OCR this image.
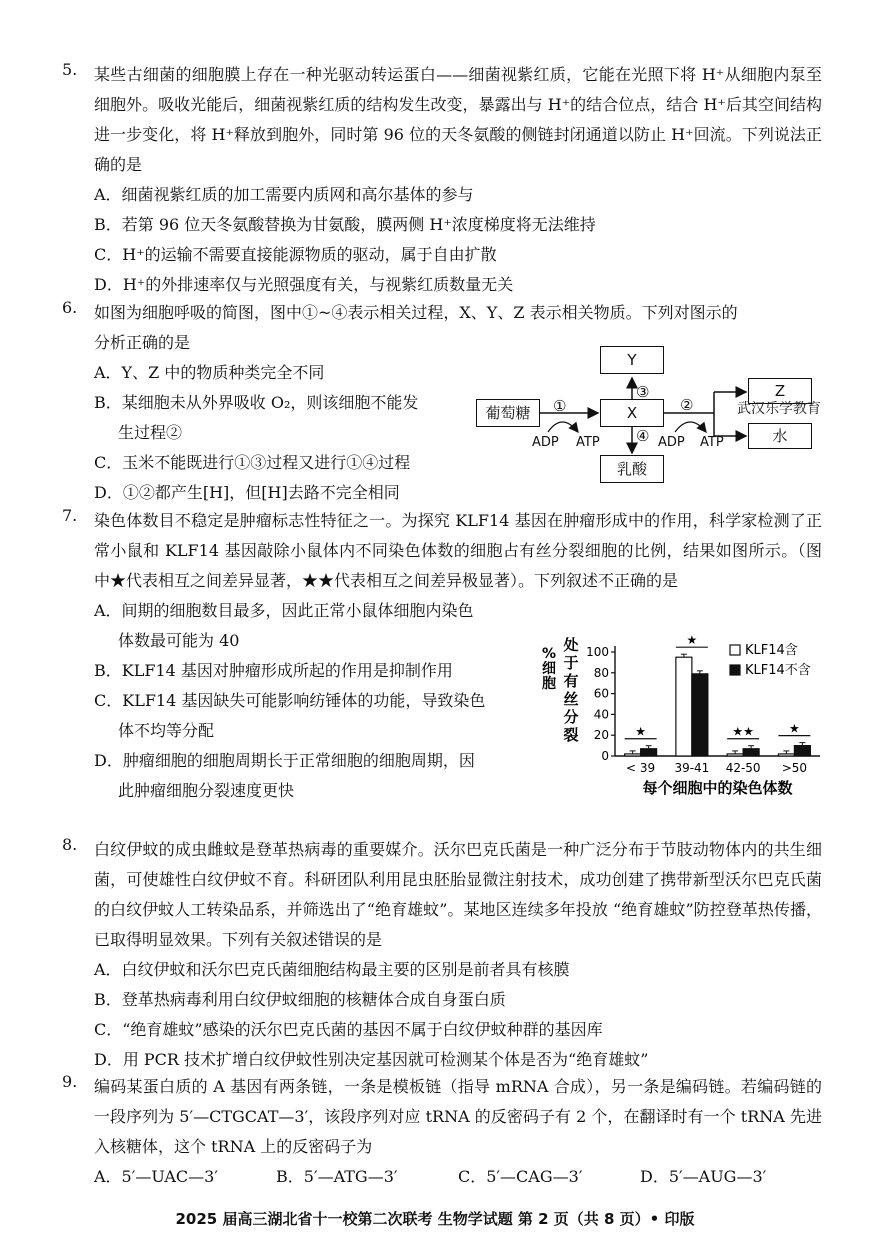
5.	某些古细菌的细胞膜上存在一种光驱动转运蛋白——细菌视紫红质，它能在光照下将 H⁺从细胞内泵至细胞外。吸收光能后，细菌视紫红质的结构发生改变，暴露出与 H⁺的结合位点，结合 H⁺后其空间结构进一步变化，将 H⁺释放到胞外，同时第 96 位的天冬氨酸的侧链封闭通道以防止 H⁺回流。下列说法正确的是
A．细菌视紫红质的加工需要内质网和高尔基体的参与
B．若第 96 位天冬氨酸替换为甘氨酸，膜两侧 H⁺浓度梯度将无法维持
C．H⁺的运输不需要直接能源物质的驱动，属于自由扩散
D．H⁺的外排速率仅与光照强度有关，与视紫红质数量无关
6.	如图为细胞呼吸的简图，图中①~④表示相关过程，X、Y、Z 表示相关物质。下列对图示的
分析正确的是
A．Y、Z 中的物质种类完全不同
B．某细胞未从外界吸收 O₂，则该细胞不能发
生过程②
C．玉米不能既进行①③过程又进行①④过程
D．①②都产生[H]，但[H]去路不完全相同
Y
葡萄糖	X
Z
水
乳酸
①
③
④
②
ADP ATP	ADP ATP
武汉乐学教育
7.	染色体数目不稳定是肿瘤标志性特征之一。为探究 KLF14 基因在肿瘤形成中的作用，科学家检测了正常小鼠和 KLF14 基因敲除小鼠体内不同染色体数的细胞占有丝分裂细胞的比例，结果如图所示。（图中★代表相互之间差异显著，★★代表相互之间差异极显著）。下列叙述不正确的是
A．间期的细胞数目最多，因此正常小鼠体细胞内染色
体数最可能为 40
B．KLF14 基因对肿瘤形成所起的作用是抑制作用
C．KLF14 基因缺失可能影响纺锤体的功能，导致染色
体不均等分配
D．肿瘤细胞的细胞周期长于正常细胞的细胞周期，因
此肿瘤细胞分裂速度更快
%
细
胞
处
于
有
丝
分
裂
0
20
40
60
80
100
< 39
★
39-41
★
42-50
★★
>50
★
KLF14含
KLF14不含
每个细胞中的染色体数
8.	白纹伊蚊的成虫雌蚊是登革热病毒的重要媒介。沃尔巴克氏菌是一种广泛分布于节肢动物体内的共生细菌，可使雄性白纹伊蚊不育。科研团队利用昆虫胚胎显微注射技术，成功创建了携带新型沃尔巴克氏菌的白纹伊蚊人工转染品系，并筛选出了“绝育雄蚊”。某地区连续多年投放 “绝育雄蚊”防控登革热传播，已取得明显效果。下列有关叙述错误的是
A．白纹伊蚊和沃尔巴克氏菌细胞结构最主要的区别是前者具有核膜
B．登革热病毒利用白纹伊蚊细胞的核糖体合成自身蛋白质
C．“绝育雄蚊”感染的沃尔巴克氏菌的基因不属于白纹伊蚊种群的基因库
D．用 PCR 技术扩增白纹伊蚊性别决定基因就可检测某个体是否为“绝育雄蚊”
9.	编码某蛋白质的 A 基因有两条链，一条是模板链（指导 mRNA 合成），另一条是编码链。若编码链的一段序列为 5′—CTGCAT—3′，该段序列对应 tRNA 的反密码子有 2 个，在翻译时有一个 tRNA 先进入核糖体，这个 tRNA 上的反密码子为
A．5′—UAC—3′	B．5′—ATG—3′	C．5′—CAG—3′	D．5′—AUG—3′
2025 届高三湖北省十一校第二次联考 生物学试题 第 2 页（共 8 页）• 印版
